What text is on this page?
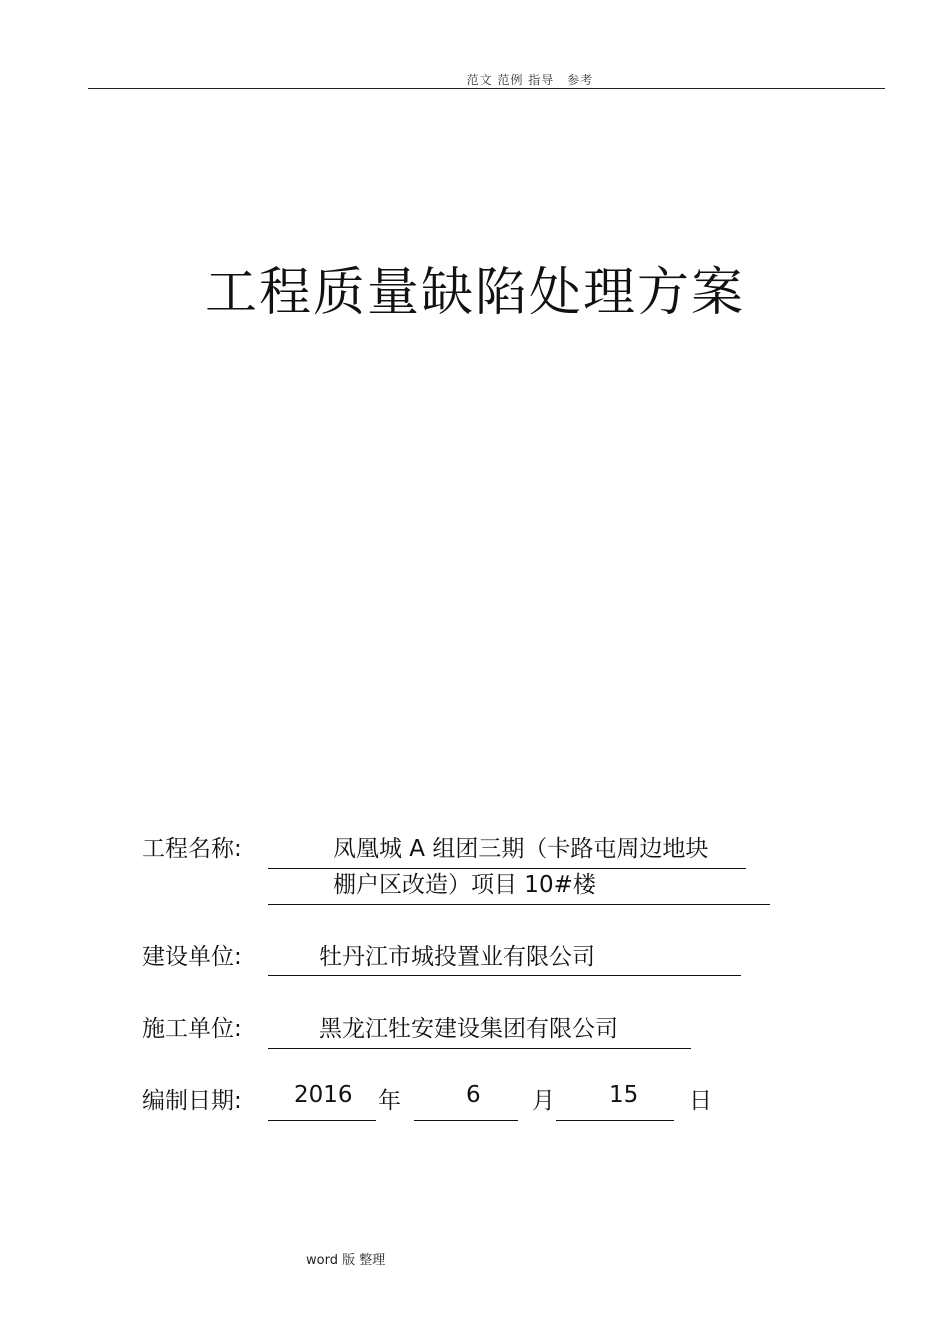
范文 范例 指导　参考
工程质量缺陷处理方案
工程名称:	凤凰城 A 组团三期（卡路屯周边地块
棚户区改造）项目 10#楼
建设单位:	牡丹江市城投置业有限公司
施工单位:	黑龙江牡安建设集团有限公司
编制日期: 2016 年	6 月 15 日
word 版 整理
